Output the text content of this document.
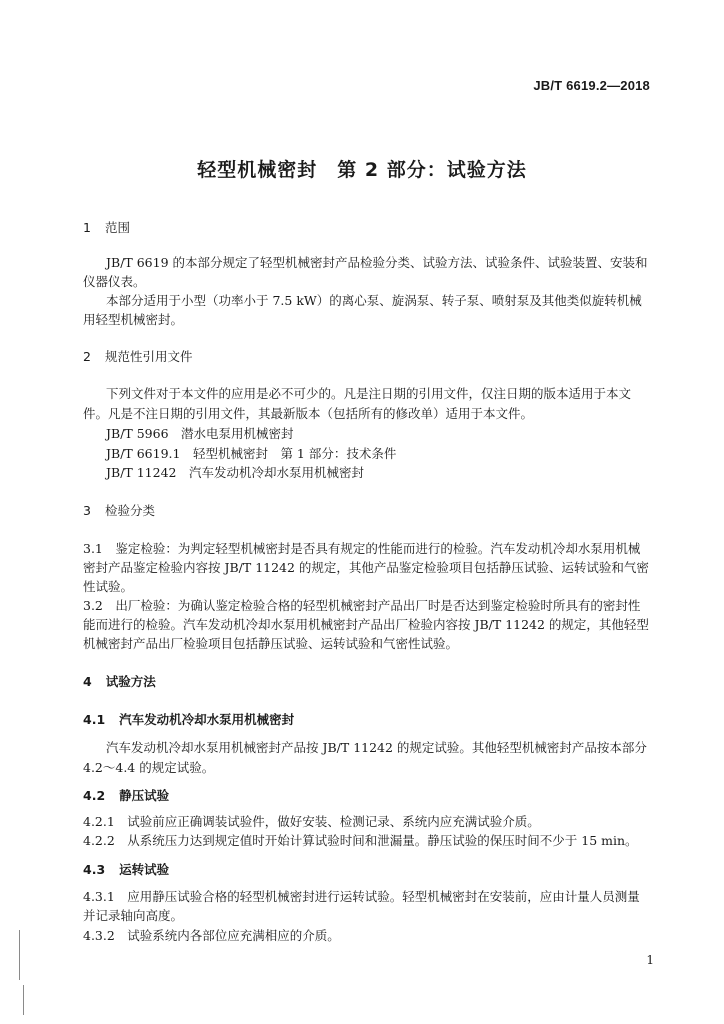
JB/T 6619.2—2018
轻型机械密封　第 2 部分：试验方法
1 范围
JB/T 6619 的本部分规定了轻型机械密封产品检验分类、试验方法、试验条件、试验装置、安装和
仪器仪表。
本部分适用于小型（功率小于 7.5 kW）的离心泵、旋涡泵、转子泵、喷射泵及其他类似旋转机械
用轻型机械密封。
2 规范性引用文件
下列文件对于本文件的应用是必不可少的。凡是注日期的引用文件，仅注日期的版本适用于本文
件。凡是不注日期的引用文件，其最新版本（包括所有的修改单）适用于本文件。
JB/T 5966　潜水电泵用机械密封
JB/T 6619.1　轻型机械密封　第 1 部分：技术条件
JB/T 11242　汽车发动机冷却水泵用机械密封
3 检验分类
3.1　鉴定检验：为判定轻型机械密封是否具有规定的性能而进行的检验。汽车发动机冷却水泵用机械
密封产品鉴定检验内容按 JB/T 11242 的规定，其他产品鉴定检验项目包括静压试验、运转试验和气密
性试验。
3.2　出厂检验：为确认鉴定检验合格的轻型机械密封产品出厂时是否达到鉴定检验时所具有的密封性
能而进行的检验。汽车发动机冷却水泵用机械密封产品出厂检验内容按 JB/T 11242 的规定，其他轻型
机械密封产品出厂检验项目包括静压试验、运转试验和气密性试验。
4 试验方法
4.1 汽车发动机冷却水泵用机械密封
汽车发动机冷却水泵用机械密封产品按 JB/T 11242 的规定试验。其他轻型机械密封产品按本部分
4.2～4.4 的规定试验。
4.2 静压试验
4.2.1　试验前应正确调装试验件，做好安装、检测记录、系统内应充满试验介质。
4.2.2　从系统压力达到规定值时开始计算试验时间和泄漏量。静压试验的保压时间不少于 15 min。
4.3 运转试验
4.3.1　应用静压试验合格的轻型机械密封进行运转试验。轻型机械密封在安装前，应由计量人员测量
并记录轴向高度。
4.3.2　试验系统内各部位应充满相应的介质。
1
